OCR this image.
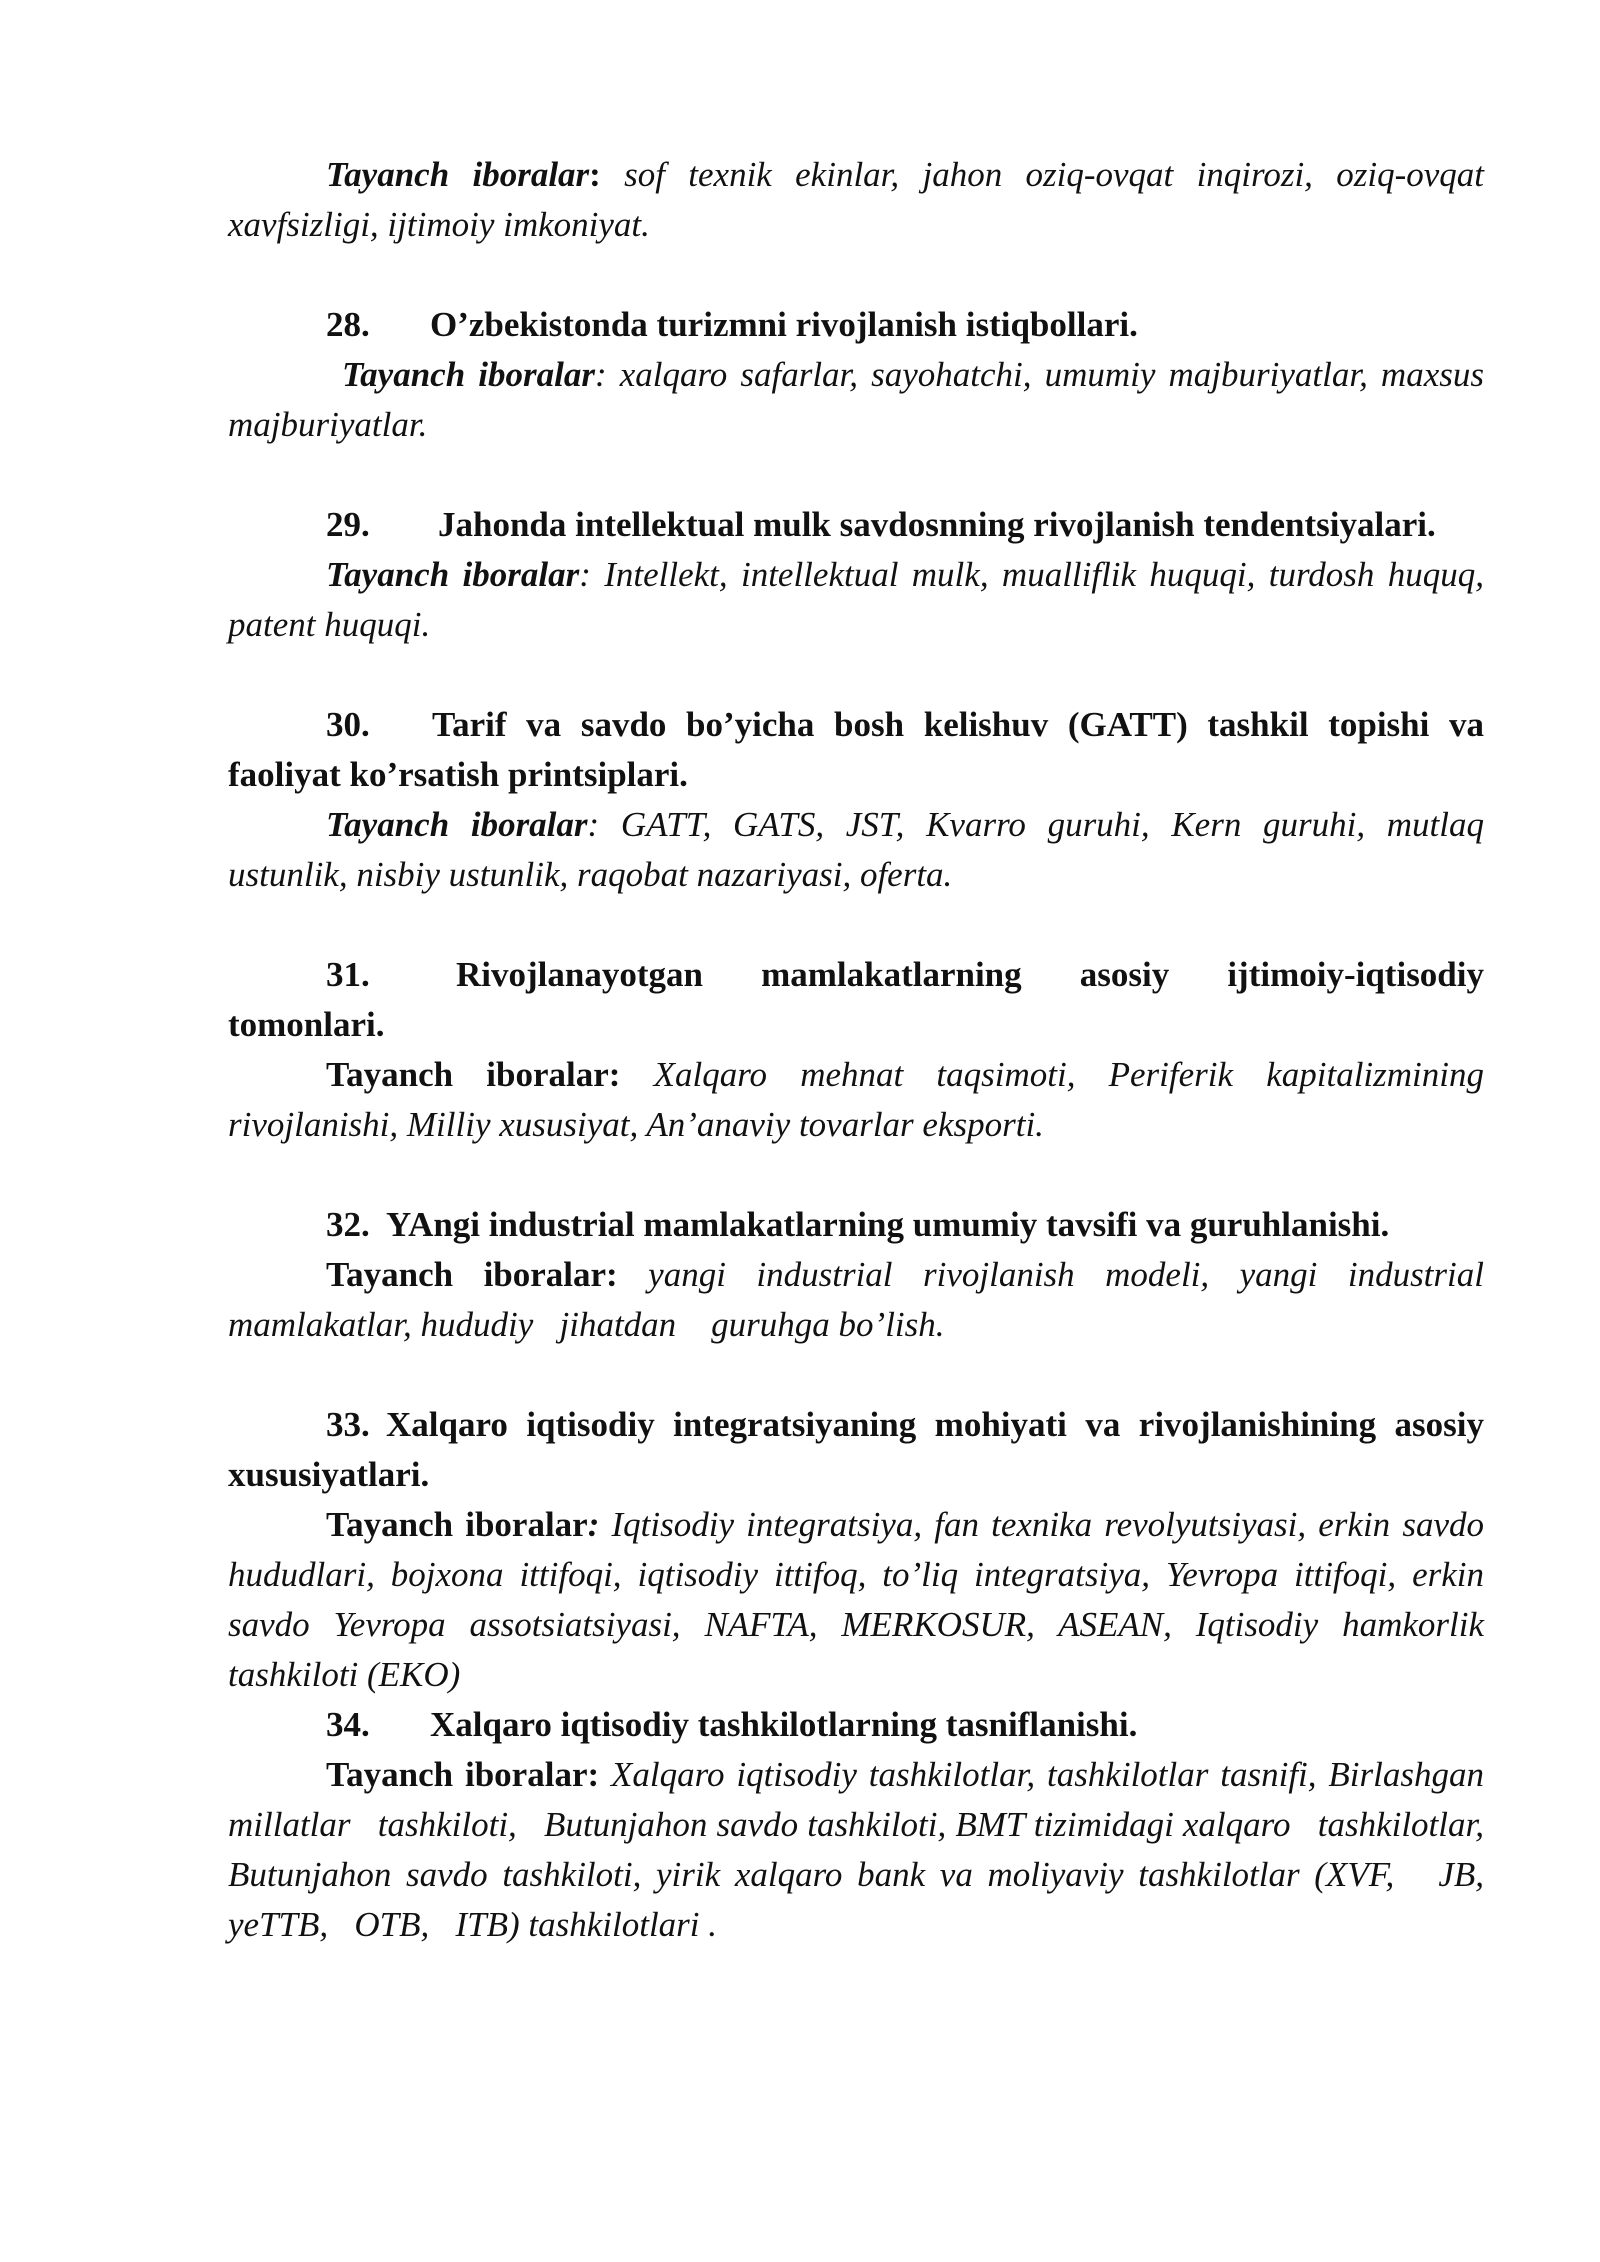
Tayanch iboralar: sof texnik ekinlar, jahon oziq-ovqat inqirozi, oziq-ovqat xavfsizligi, ijtimoiy imkoniyat.

28. O’zbekistonda turizmni rivojlanish istiqbollari.

Tayanch iboralar: xalqaro safarlar, sayohatchi, umumiy majburiyatlar, maxsus majburiyatlar.

29. Jahonda intellektual mulk savdosnning rivojlanish tendentsiyalari.

Tayanch iboralar: Intellekt, intellektual mulk, mualliflik huquqi, turdosh huquq, patent huquqi.

30. Tarif va savdo bo’yicha bosh kelishuv (GATT) tashkil topishi va faoliyat ko’rsatish printsiplari.

Tayanch iboralar: GATT, GATS, JST, Kvarro guruhi, Kern guruhi, mutlaq ustunlik, nisbiy ustunlik, raqobat nazariyasi, oferta.

31. Rivojlanayotgan mamlakatlarning asosiy ijtimoiy-iqtisodiy tomonlari.

Tayanch iboralar: Xalqaro mehnat taqsimoti, Periferik kapitalizmining rivojlanishi, Milliy xususiyat, An’anaviy tovarlar eksporti.

32. YAngi industrial mamlakatlarning umumiy tavsifi va guruhlanishi.

Tayanch iboralar: yangi industrial rivojlanish modeli, yangi industrial mamlakatlar, hududiy   jihatdan    guruhga bo’lish.

33. Xalqaro iqtisodiy integratsiyaning mohiyati va rivojlanishining asosiy xususiyatlari.

Tayanch iboralar: Iqtisodiy integratsiya, fan texnika revolyutsiyasi, erkin savdo hududlari, bojxona ittifoqi, iqtisodiy ittifoq, to’liq integratsiya, Yevropa ittifoqi, erkin savdo Yevropa assotsiatsiyasi, NAFTA, MERKOSUR, ASEAN, Iqtisodiy hamkorlik tashkiloti (EKO)

34. Xalqaro iqtisodiy tashkilotlarning tasniflanishi.

Tayanch iboralar: Xalqaro iqtisodiy tashkilotlar, tashkilotlar tasnifi, Birlashgan millatlar   tashkiloti,   Butunjahon savdo tashkiloti, BMT tizimidagi xalqaro   tashkilotlar, Butunjahon savdo tashkiloti, yirik xalqaro bank va moliyaviy tashkilotlar (XVF,   JB,   yeTTB,   OTB,   ITB) tashkilotlari .
